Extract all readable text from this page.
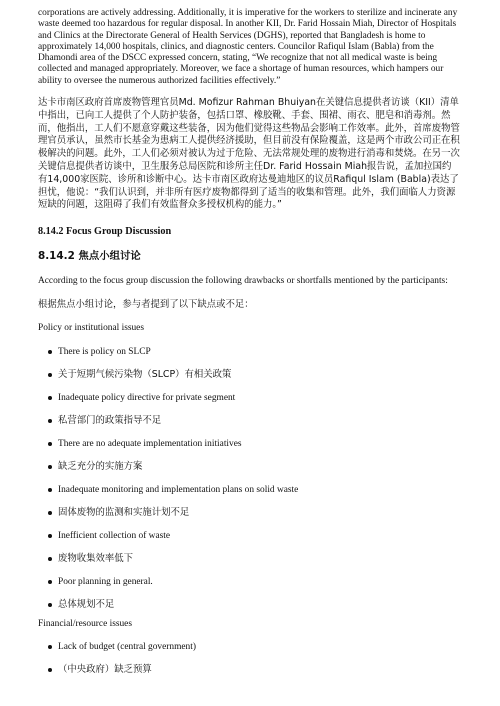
corporations are actively addressing. Additionally, it is imperative for the workers to sterilize and incinerate any waste deemed too hazardous for regular disposal. In another KII, Dr. Farid Hossain Miah, Director of Hospitals and Clinics at the Directorate General of Health Services (DGHS), reported that Bangladesh is home to approximately 14,000 hospitals, clinics, and diagnostic centers. Councilor Rafiqul Islam (Babla) from the Dhamondi area of the DSCC expressed concern, stating, “We recognize that not all medical waste is being collected and managed appropriately. Moreover, we face a shortage of human resources, which hampers our ability to oversee the numerous authorized facilities effectively.”

达卡市南区政府首席废物管理官员Md. Mofizur Rahman Bhuiyan在关键信息提供者访谈（KII）清单中指出，已向工人提供了个人防护装备，包括口罩、橡胶靴、手套、围裙、雨衣、肥皂和消毒剂。然而，他指出，工人们不愿意穿戴这些装备，因为他们觉得这些物品会影响工作效率。此外，首席废物管理官员承认，虽然市长基金为患病工人提供经济援助，但目前没有保险覆盖，这是两个市政公司正在积极解决的问题。此外，工人们必须对被认为过于危险、无法常规处理的废物进行消毒和焚烧。在另一次关键信息提供者访谈中，卫生服务总局医院和诊所主任Dr. Farid Hossain Miah报告说，孟加拉国约有14,000家医院、诊所和诊断中心。达卡市南区政府达曼迪地区的议员Rafiqul Islam (Babla)表达了担忧，他说：“我们认识到，并非所有医疗废物都得到了适当的收集和管理。此外，我们面临人力资源短缺的问题，这阻碍了我们有效监督众多授权机构的能力。”

8.14.2 Focus Group Discussion

8.14.2 焦点小组讨论

According to the focus group discussion the following drawbacks or shortfalls mentioned by the participants:

根据焦点小组讨论，参与者提到了以下缺点或不足：

Policy or institutional issues

There is policy on SLCP
关于短期气候污染物（SLCP）有相关政策
Inadequate policy directive for private segment
私营部门的政策指导不足
There are no adequate implementation initiatives
缺乏充分的实施方案
Inadequate monitoring and implementation plans on solid waste
固体废物的监测和实施计划不足
Inefficient collection of waste
废物收集效率低下
Poor planning in general.
总体规划不足

Financial/resource issues

Lack of budget (central government)
（中央政府）缺乏预算
